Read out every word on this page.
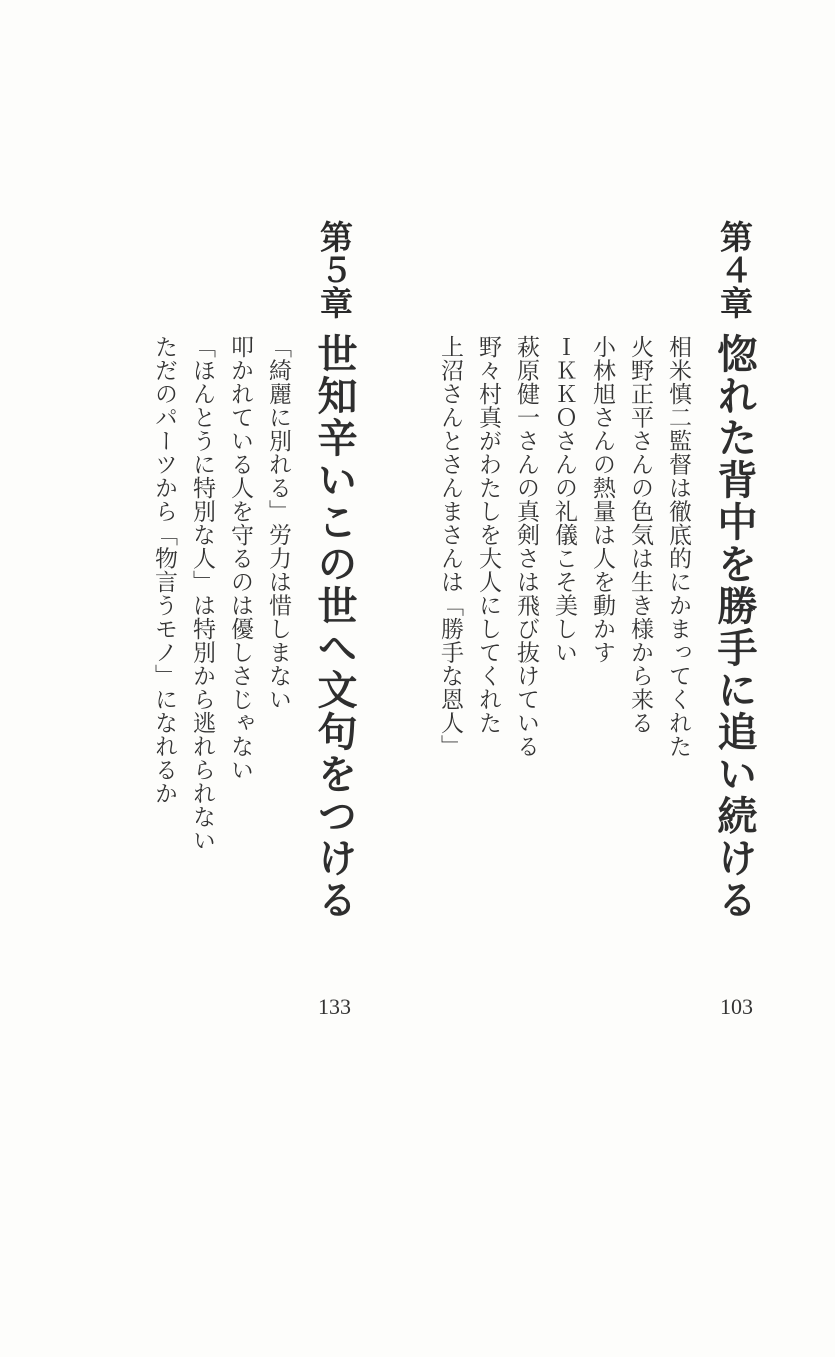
第４章
惚れた背中を勝手に追い続ける
相米慎二監督は徹底的にかまってくれた
火野正平さんの色気は生き様から来る
小林旭さんの熱量は人を動かす
ＩＫＫＯさんの礼儀こそ美しい
萩原健一さんの真剣さは飛び抜けている
野々村真がわたしを大人にしてくれた
上沼さんとさんまさんは「勝手な恩人」
103
第５章
世知辛いこの世へ文句をつける
「綺麗に別れる」労力は惜しまない
叩かれている人を守るのは優しさじゃない
「ほんとうに特別な人」は特別から逃れられない
ただのパーツから「物言うモノ」になれるか
133
